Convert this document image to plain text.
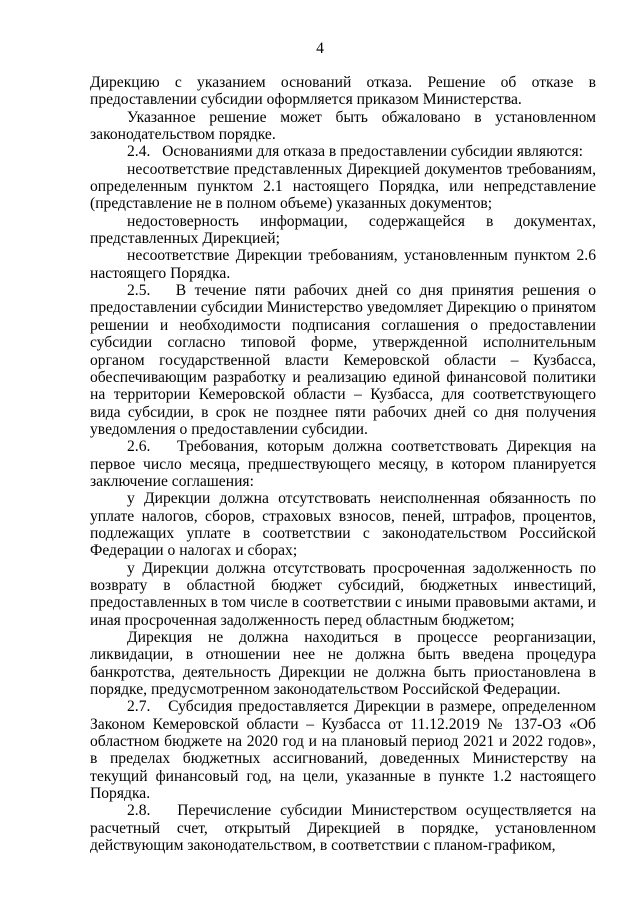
4

Дирекцию с указанием оснований отказа. Решение об отказе в предоставлении субсидии оформляется приказом Министерства.

Указанное решение может быть обжаловано в установленном законодательством порядке.

2.4.   Основаниями для отказа в предоставлении субсидии являются:

несоответствие представленных Дирекцией документов требованиям, определенным пунктом 2.1 настоящего Порядка, или непредставление (представление не в полном объеме) указанных документов;

недостоверность информации, содержащейся в документах, представленных Дирекцией;

несоответствие Дирекции требованиям, установленным пунктом 2.6 настоящего Порядка.

2.5.   В течение пяти рабочих дней со дня принятия решения о предоставлении субсидии Министерство уведомляет Дирекцию о принятом решении и необходимости подписания соглашения о предоставлении субсидии согласно типовой форме, утвержденной исполнительным органом государственной власти Кемеровской области – Кузбасса, обеспечивающим разработку и реализацию единой финансовой политики на территории Кемеровской области – Кузбасса, для соответствующего вида субсидии, в срок не позднее пяти рабочих дней со дня получения уведомления о предоставлении субсидии.

2.6.   Требования, которым должна соответствовать Дирекция на первое число месяца, предшествующего месяцу, в котором планируется заключение соглашения:

у Дирекции должна отсутствовать неисполненная обязанность по уплате налогов, сборов, страховых взносов, пеней, штрафов, процентов, подлежащих уплате в соответствии с законодательством Российской Федерации о налогах и сборах;

у Дирекции должна отсутствовать просроченная задолженность по возврату в областной бюджет субсидий, бюджетных инвестиций, предоставленных в том числе в соответствии с иными правовыми актами, и иная просроченная задолженность перед областным бюджетом;

Дирекция не должна находиться в процессе реорганизации, ликвидации, в отношении нее не должна быть введена процедура банкротства, деятельность Дирекции не должна быть приостановлена в порядке, предусмотренном законодательством Российской Федерации.

2.7.   Субсидия предоставляется Дирекции в размере, определенном Законом Кемеровской области – Кузбасса от 11.12.2019 № 137-ОЗ «Об областном бюджете на 2020 год и на плановый период 2021 и 2022 годов», в пределах бюджетных ассигнований, доведенных Министерству на текущий финансовый год, на цели, указанные в пункте 1.2 настоящего Порядка.

2.8.   Перечисление субсидии Министерством осуществляется на расчетный счет, открытый Дирекцией в порядке, установленном действующим законодательством, в соответствии с планом-графиком,
